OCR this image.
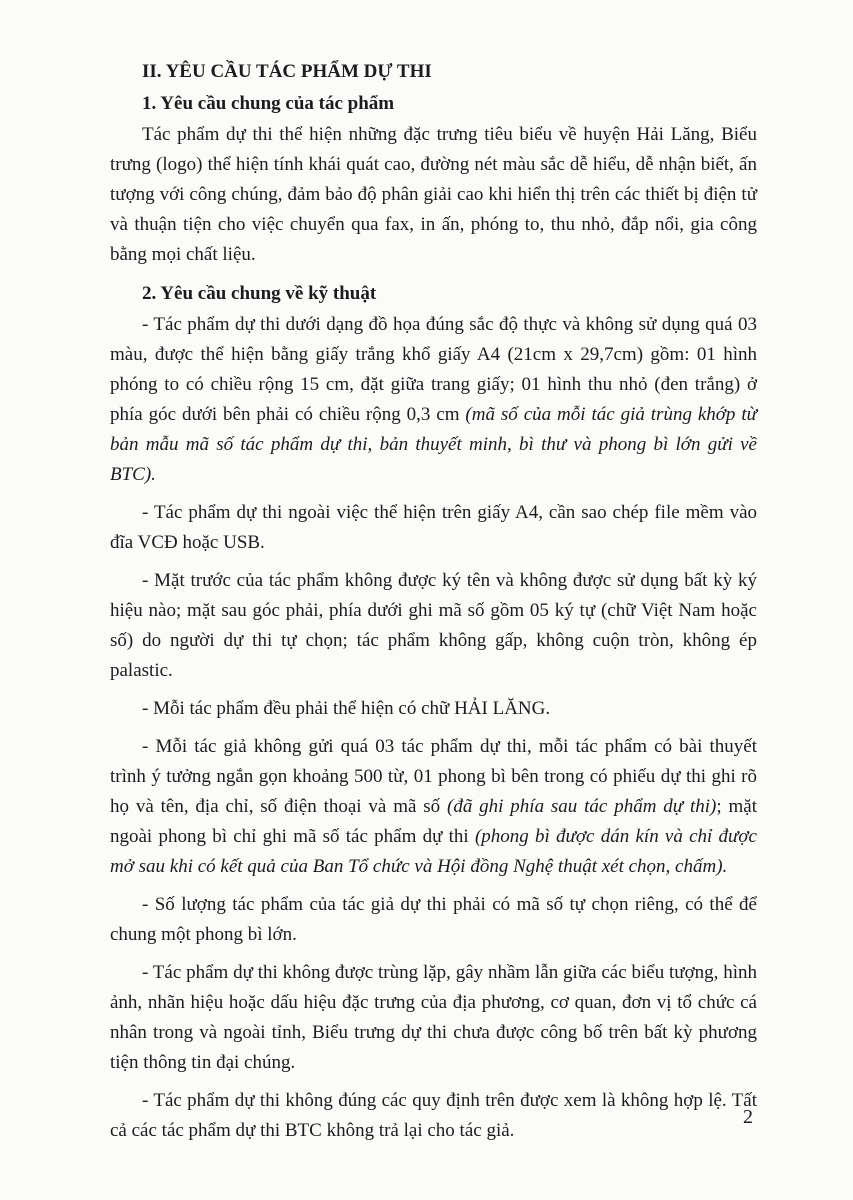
II. YÊU CẦU TÁC PHẨM DỰ THI
1. Yêu cầu chung của tác phẩm

Tác phẩm dự thi thể hiện những đặc trưng tiêu biểu về huyện Hải Lăng, Biểu trưng (logo) thể hiện tính khái quát cao, đường nét màu sắc dễ hiểu, dễ nhận biết, ấn tượng với công chúng, đảm bảo độ phân giải cao khi hiển thị trên các thiết bị điện tử và thuận tiện cho việc chuyển qua fax, in ấn, phóng to, thu nhỏ, đắp nổi, gia công bằng mọi chất liệu.

2. Yêu cầu chung về kỹ thuật

- Tác phẩm dự thi dưới dạng đồ họa đúng sắc độ thực và không sử dụng quá 03 màu, được thể hiện bằng giấy trắng khổ giấy A4 (21cm x 29,7cm) gồm: 01 hình phóng to có chiều rộng 15 cm, đặt giữa trang giấy; 01 hình thu nhỏ (đen trắng) ở phía góc dưới bên phải có chiều rộng 0,3 cm (mã số của mỗi tác giả trùng khớp từ bản mẫu mã số tác phẩm dự thi, bản thuyết minh, bì thư và phong bì lớn gửi về BTC).

- Tác phẩm dự thi ngoài việc thể hiện trên giấy A4, cần sao chép file mềm vào đĩa VCĐ hoặc USB.

- Mặt trước của tác phẩm không được ký tên và không được sử dụng bất kỳ ký hiệu nào; mặt sau góc phải, phía dưới ghi mã số gồm 05 ký tự (chữ Việt Nam hoặc số) do người dự thi tự chọn; tác phẩm không gấp, không cuộn tròn, không ép palastic.

- Mỗi tác phẩm đều phải thể hiện có chữ HẢI LĂNG.

- Mỗi tác giả không gửi quá 03 tác phẩm dự thi, mỗi tác phẩm có bài thuyết trình ý tưởng ngắn gọn khoảng 500 từ, 01 phong bì bên trong có phiếu dự thi ghi rõ họ và tên, địa chỉ, số điện thoại và mã số (đã ghi phía sau tác phẩm dự thi); mặt ngoài phong bì chỉ ghi mã số tác phẩm dự thi (phong bì được dán kín và chỉ được mở sau khi có kết quả của Ban Tổ chức và Hội đồng Nghệ thuật xét chọn, chấm).

- Số lượng tác phẩm của tác giả dự thi phải có mã số tự chọn riêng, có thể để chung một phong bì lớn.

- Tác phẩm dự thi không được trùng lặp, gây nhầm lẫn giữa các biểu tượng, hình ảnh, nhãn hiệu hoặc dấu hiệu đặc trưng của địa phương, cơ quan, đơn vị tổ chức cá nhân trong và ngoài tỉnh, Biểu trưng dự thi chưa được công bố trên bất kỳ phương tiện thông tin đại chúng.

- Tác phẩm dự thi không đúng các quy định trên được xem là không hợp lệ. Tất cả các tác phẩm dự thi BTC không trả lại cho tác giả.

2
